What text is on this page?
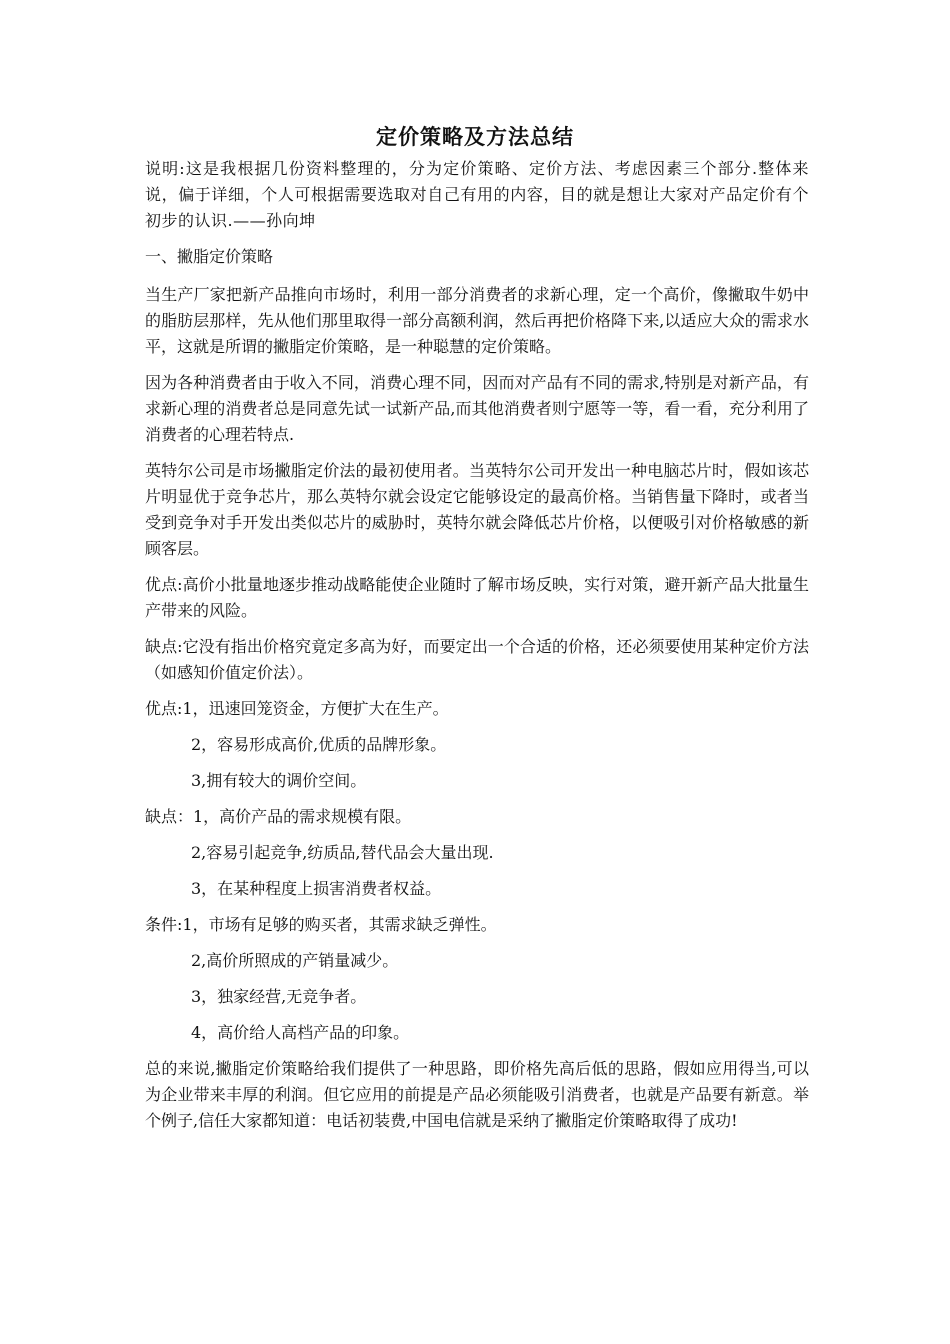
定价策略及方法总结

说明:这是我根据几份资料整理的，分为定价策略、定价方法、考虑因素三个部分.整体来说，偏于详细，个人可根据需要选取对自己有用的内容，目的就是想让大家对产品定价有个初步的认识.——孙向坤

一、撇脂定价策略

当生产厂家把新产品推向市场时，利用一部分消费者的求新心理，定一个高价，像撇取牛奶中的脂肪层那样，先从他们那里取得一部分高额利润，然后再把价格降下来,以适应大众的需求水平，这就是所谓的撇脂定价策略，是一种聪慧的定价策略。

因为各种消费者由于收入不同，消费心理不同，因而对产品有不同的需求,特别是对新产品，有求新心理的消费者总是同意先试一试新产品,而其他消费者则宁愿等一等，看一看，充分利用了消费者的心理若特点.

英特尔公司是市场撇脂定价法的最初使用者。当英特尔公司开发出一种电脑芯片时，假如该芯片明显优于竞争芯片，那么英特尔就会设定它能够设定的最高价格。当销售量下降时，或者当受到竞争对手开发出类似芯片的威胁时，英特尔就会降低芯片价格，以便吸引对价格敏感的新顾客层。

优点:高价小批量地逐步推动战略能使企业随时了解市场反映，实行对策，避开新产品大批量生产带来的风险。

缺点:它没有指出价格究竟定多高为好，而要定出一个合适的价格，还必须要使用某种定价方法（如感知价值定价法）。

优点:1，迅速回笼资金，方便扩大在生产。

2，容易形成高价,优质的品牌形象。

3,拥有较大的调价空间。

缺点：1，高价产品的需求规模有限。

2,容易引起竞争,纺质品,替代品会大量出现.

3，在某种程度上损害消费者权益。

条件:1，市场有足够的购买者，其需求缺乏弹性。

2,高价所照成的产销量减少。

3，独家经营,无竞争者。

4，高价给人高档产品的印象。

总的来说,撇脂定价策略给我们提供了一种思路，即价格先高后低的思路，假如应用得当,可以为企业带来丰厚的利润。但它应用的前提是产品必须能吸引消费者，也就是产品要有新意。举个例子,信任大家都知道：电话初装费,中国电信就是采纳了撇脂定价策略取得了成功!
